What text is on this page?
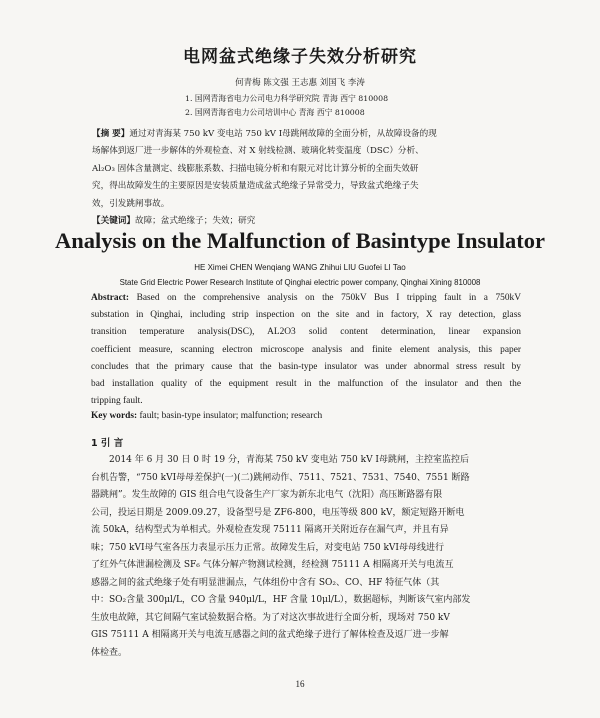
电网盆式绝缘子失效分析研究
何青梅 陈文强 王志惠 刘国飞 李涛
1. 国网青海省电力公司电力科学研究院 青海 西宁 810008
2. 国网青海省电力公司培训中心 青海 西宁 810008
【摘 要】通过对青海某 750 kV 变电站 750 kV Ⅰ母跳闸故障的全面分析，从故障设备的现
场解体到返厂进一步解体的外观检查、对 X 射线检测、玻璃化转变温度（DSC）分析、
Al₂O₃ 固体含量测定、线膨胀系数、扫描电镜分析和有限元对比计算分析的全面失效研
究，得出故障发生的主要原因是安装质量造成盆式绝缘子异常受力，导致盆式绝缘子失
效，引发跳闸事故。
【关键词】故障；盆式绝缘子；失效；研究
Analysis on the Malfunction of Basintype Insulator
HE Ximei CHEN Wenqiang WANG Zhihui LIU Guofei LI Tao
State Grid Electric Power Research Institute of Qinghai electric power company, Qinghai Xining 810008
Abstract: Based on the comprehensive analysis on the 750kV Bus I tripping fault in a 750kV
substation in Qinghai, including strip inspection on the site and in factory, X ray detection, glass
transition temperature analysis(DSC), AL2O3 solid content determination, linear expansion
coefficient measure, scanning electron microscope analysis and finite element analysis, this paper
concludes that the primary cause that the basin-type insulator was under abnormal stress result by
bad installation quality of the equipment result in the malfunction of the insulator and then the
tripping fault.
Key words: fault; basin-type insulator; malfunction; research
1 引 言
2014 年 6 月 30 日 0 时 19 分，青海某 750 kV 变电站 750 kV Ⅰ母跳闸，主控室监控后
台机告警，“750 kVⅠ母母差保护(一)(二)跳闸动作、7511、7521、7531、7540、7551 断路
器跳闸”。发生故障的 GIS 组合电气设备生产厂家为新东北电气（沈阳）高压断路器有限
公司，投运日期是 2009.09.27，设备型号是 ZF6-800，电压等级 800 kV，额定短路开断电
流 50kA，结构型式为单相式。外观检查发现 75111 隔离开关附近存在漏气声，并且有异
味；750 kVⅠ母气室各压力表显示压力正常。故障发生后，对变电站 750 kVⅠ母母线进行
了红外气体泄漏检测及 SF₆ 气体分解产物测试检测，经检测 75111 A 相隔离开关与电流互
感器之间的盆式绝缘子处有明显泄漏点，气体组份中含有 SO₂、CO、HF 特征气体（其
中：SO₂含量 300μl/L，CO 含量 940μl/L，HF 含量 10μl/L），数据超标，判断该气室内部发
生放电故障，其它间隔气室试验数据合格。为了对这次事故进行全面分析，现场对 750 kV
GIS 75111 A 相隔离开关与电流互感器之间的盆式绝缘子进行了解体检查及返厂进一步解
体检查。
16
